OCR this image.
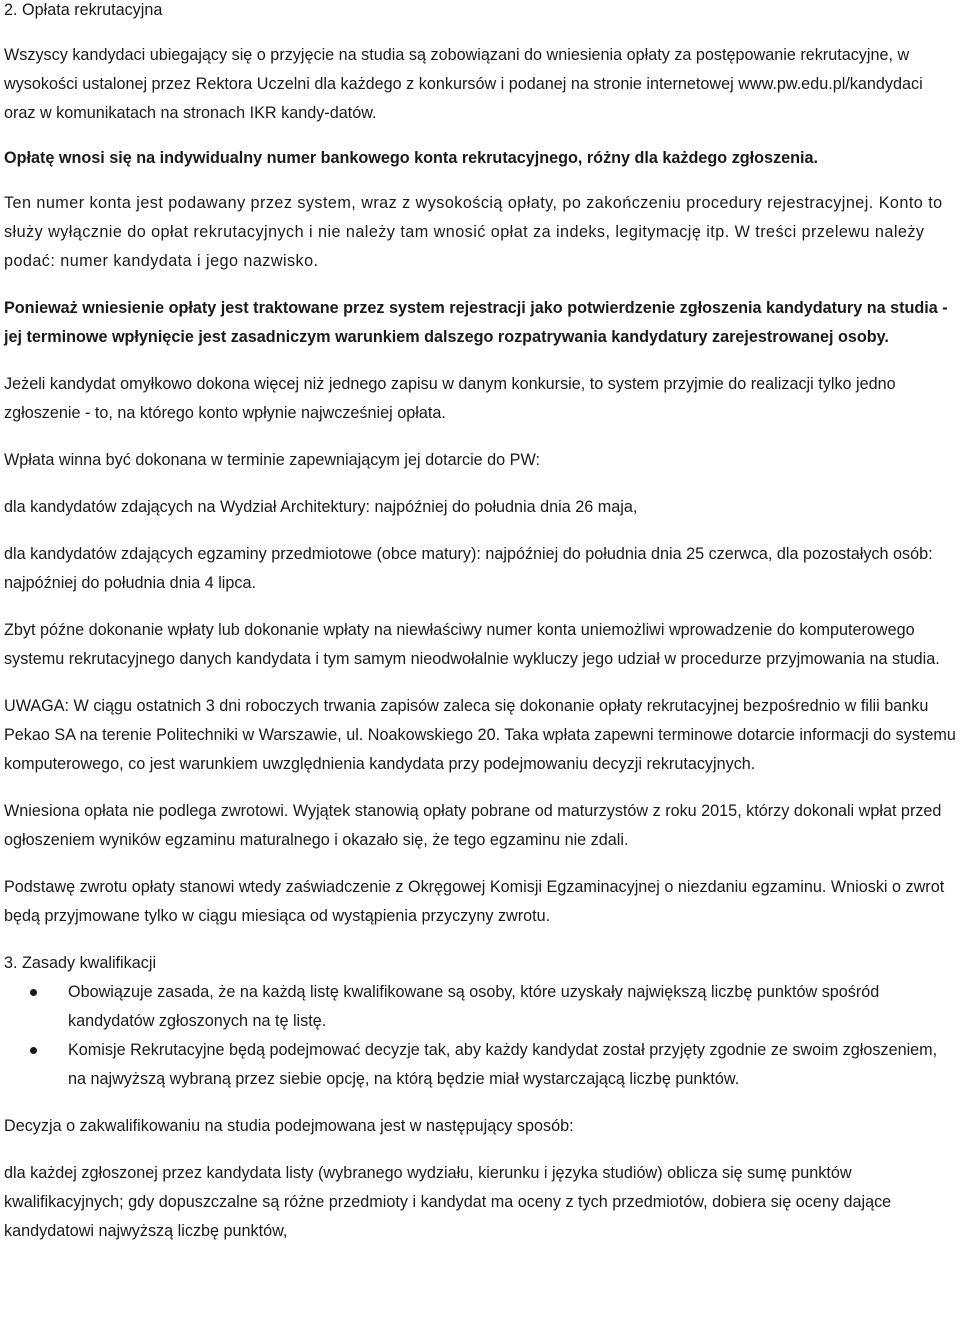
2. Opłata rekrutacyjna

Wszyscy kandydaci ubiegający się o przyjęcie na studia są zobowiązani do wniesienia opłaty za postępowanie rekrutacyjne, w wysokości ustalonej przez Rektora Uczelni dla każdego z konkursów i podanej na stronie internetowej www.pw.edu.pl/kandydaci oraz w komunikatach na stronach IKR kandy-datów.

Opłatę wnosi się na indywidualny numer bankowego konta rekrutacyjnego, różny dla każdego zgłoszenia.

Ten numer konta jest podawany przez system, wraz z wysokością opłaty, po zakończeniu procedury rejestracyjnej. Konto to służy wyłącznie do opłat rekrutacyjnych i nie należy tam wnosić opłat za indeks, legitymację itp. W treści przelewu należy podać: numer kandydata i jego nazwisko.

Ponieważ wniesienie opłaty jest traktowane przez system rejestracji jako potwierdzenie zgłoszenia kandydatury na studia - jej terminowe wpłynięcie jest zasadniczym warunkiem dalszego rozpatrywania kandydatury zarejestrowanej osoby.

Jeżeli kandydat omyłkowo dokona więcej niż jednego zapisu w danym konkursie, to system przyjmie do realizacji tylko jedno zgłoszenie - to, na którego konto wpłynie najwcześniej opłata.

Wpłata winna być dokonana w terminie zapewniającym jej dotarcie do PW:

dla kandydatów zdających na Wydział Architektury: najpóźniej do południa dnia 26 maja,

dla kandydatów zdających egzaminy przedmiotowe (obce matury): najpóźniej do południa dnia 25 czerwca, dla pozostałych osób: najpóźniej do południa dnia 4 lipca.

Zbyt późne dokonanie wpłaty lub dokonanie wpłaty na niewłaściwy numer konta uniemożliwi wprowadzenie do komputerowego systemu rekrutacyjnego danych kandydata i tym samym nieodwołalnie wykluczy jego udział w procedurze przyjmowania na studia.

UWAGA: W ciągu ostatnich 3 dni roboczych trwania zapisów zaleca się dokonanie opłaty rekrutacyjnej bezpośrednio w filii banku Pekao SA na terenie Politechniki w Warszawie, ul. Noakowskiego 20. Taka wpłata zapewni terminowe dotarcie informacji do systemu komputerowego, co jest warunkiem uwzględnienia kandydata przy podejmowaniu decyzji rekrutacyjnych.

Wniesiona opłata nie podlega zwrotowi. Wyjątek stanowią opłaty pobrane od maturzystów z roku 2015, którzy dokonali wpłat przed ogłoszeniem wyników egzaminu maturalnego i okazało się, że tego egzaminu nie zdali.

Podstawę zwrotu opłaty stanowi wtedy zaświadczenie z Okręgowej Komisji Egzaminacyjnej o niezdaniu egzaminu. Wnioski o zwrot będą przyjmowane tylko w ciągu miesiąca od wystąpienia przyczyny zwrotu.

3. Zasady kwalifikacji

Obowiązuje zasada, że na każdą listę kwalifikowane są osoby, które uzyskały największą liczbę punktów spośród kandydatów zgłoszonych na tę listę.
Komisje Rekrutacyjne będą podejmować decyzje tak, aby każdy kandydat został przyjęty zgodnie ze swoim zgłoszeniem, na najwyższą wybraną przez siebie opcję, na którą będzie miał wystarczającą liczbę punktów.

Decyzja o zakwalifikowaniu na studia podejmowana jest w następujący sposób:

dla każdej zgłoszonej przez kandydata listy (wybranego wydziału, kierunku i języka studiów) oblicza się sumę punktów kwalifikacyjnych; gdy dopuszczalne są różne przedmioty i kandydat ma oceny z tych przedmiotów, dobiera się oceny dające kandydatowi najwyższą liczbę punktów,
